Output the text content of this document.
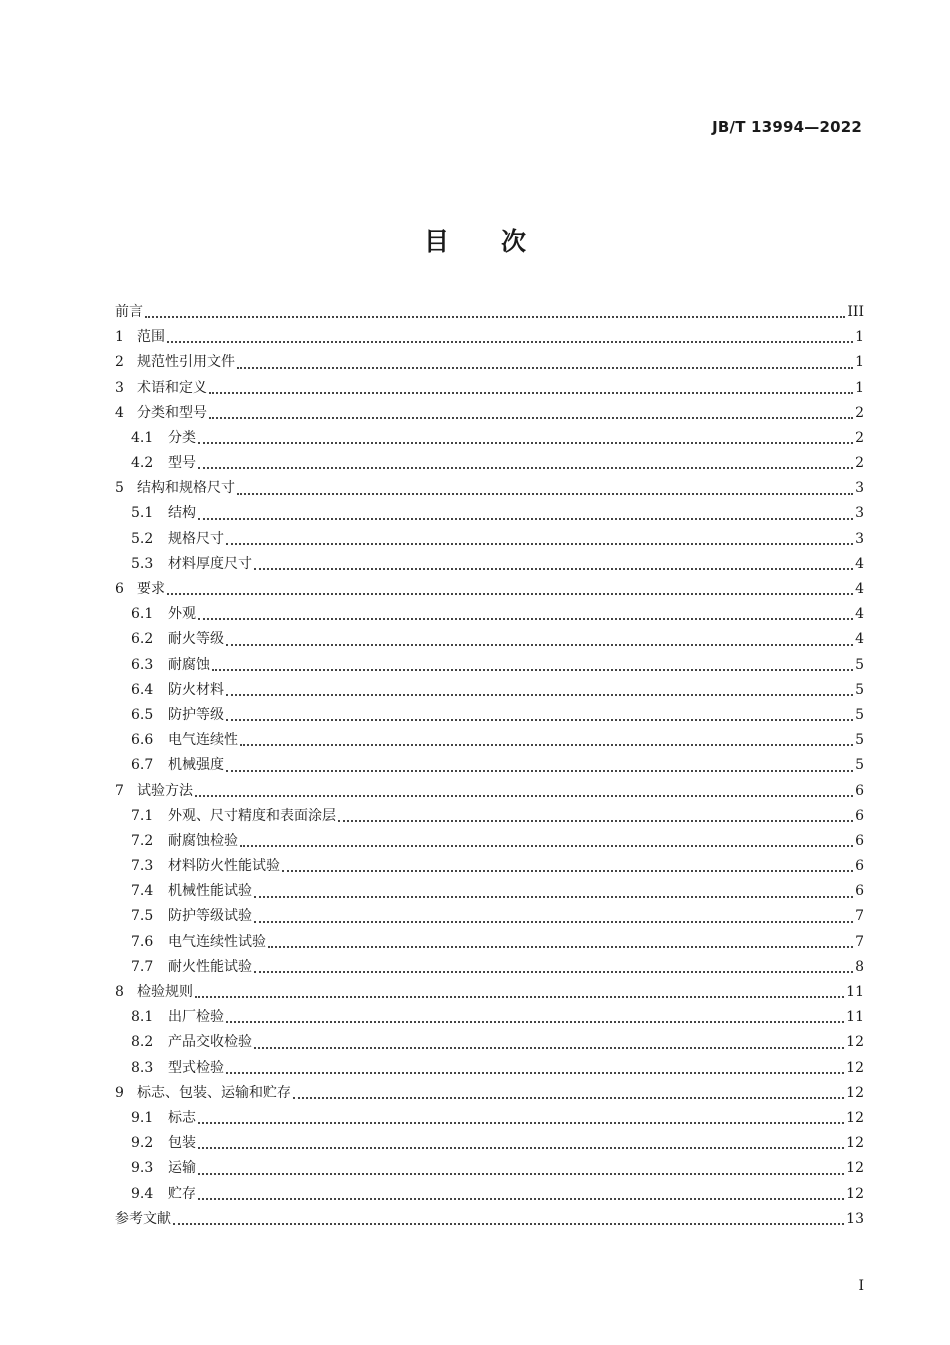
JB/T 13994—2022
目次
前言	III
1 范围	1
2 规范性引用文件	1
3 术语和定义	1
4 分类和型号	2
4.1	分类	2
4.2	型号	2
5 结构和规格尺寸	3
5.1	结构	3
5.2	规格尺寸	3
5.3	材料厚度尺寸	4
6 要求	4
6.1	外观	4
6.2	耐火等级	4
6.3	耐腐蚀	5
6.4	防火材料	5
6.5	防护等级	5
6.6	电气连续性	5
6.7	机械强度	5
7 试验方法	6
7.1	外观、尺寸精度和表面涂层	6
7.2	耐腐蚀检验	6
7.3	材料防火性能试验	6
7.4	机械性能试验	6
7.5	防护等级试验	7
7.6	电气连续性试验	7
7.7	耐火性能试验	8
8 检验规则	11
8.1	出厂检验	11
8.2	产品交收检验	12
8.3	型式检验	12
9 标志、包装、运输和贮存	12
9.1	标志	12
9.2	包装	12
9.3	运输	12
9.4	贮存	12
参考文献	13
I
